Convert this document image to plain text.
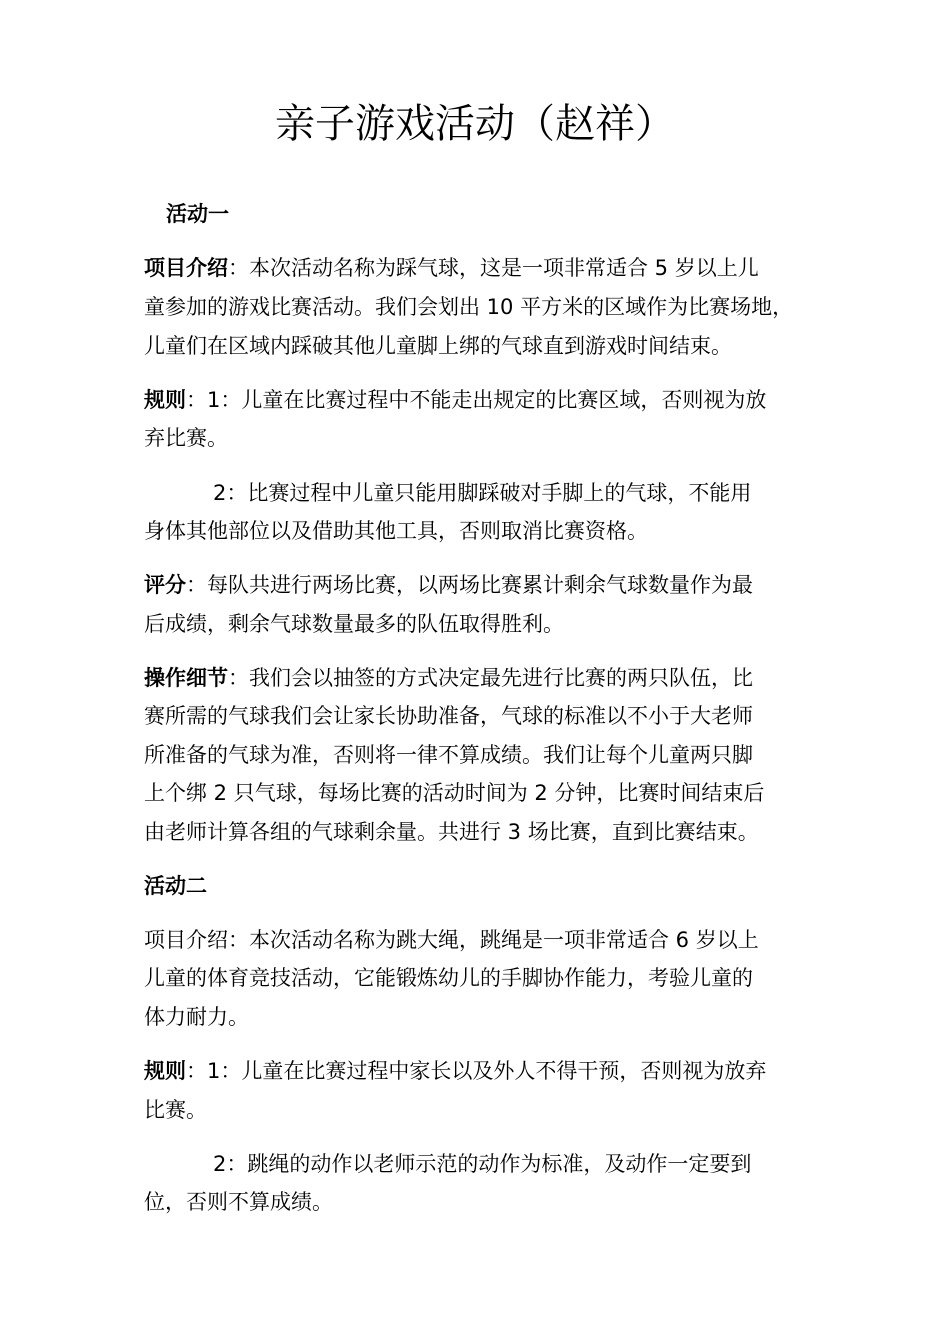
亲子游戏活动（赵祥）

活动一

项目介绍：本次活动名称为踩气球，这是一项非常适合 5 岁以上儿

童参加的游戏比赛活动。我们会划出 10 平方米的区域作为比赛场地，

儿童们在区域内踩破其他儿童脚上绑的气球直到游戏时间结束。

规则：1：儿童在比赛过程中不能走出规定的比赛区域，否则视为放

弃比赛。

2：比赛过程中儿童只能用脚踩破对手脚上的气球，不能用

身体其他部位以及借助其他工具，否则取消比赛资格。

评分：每队共进行两场比赛，以两场比赛累计剩余气球数量作为最

后成绩，剩余气球数量最多的队伍取得胜利。

操作细节：我们会以抽签的方式决定最先进行比赛的两只队伍，比

赛所需的气球我们会让家长协助准备，气球的标准以不小于大老师

所准备的气球为准，否则将一律不算成绩。我们让每个儿童两只脚

上个绑 2 只气球，每场比赛的活动时间为 2 分钟，比赛时间结束后

由老师计算各组的气球剩余量。共进行 3 场比赛，直到比赛结束。

活动二

项目介绍：本次活动名称为跳大绳，跳绳是一项非常适合 6 岁以上

儿童的体育竞技活动，它能锻炼幼儿的手脚协作能力，考验儿童的

体力耐力。

规则：1：儿童在比赛过程中家长以及外人不得干预，否则视为放弃

比赛。

2：跳绳的动作以老师示范的动作为标准，及动作一定要到

位，否则不算成绩。
